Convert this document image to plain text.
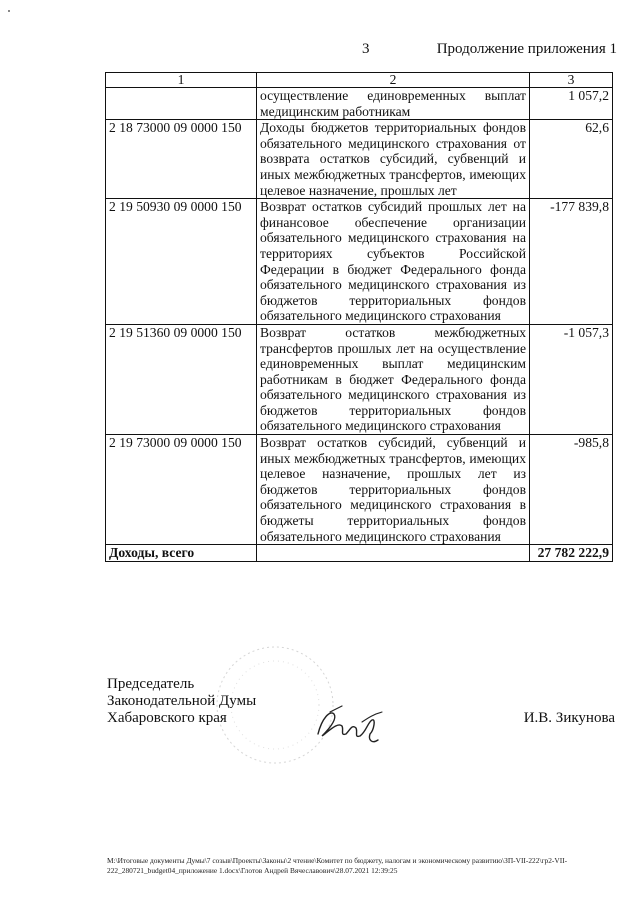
3	Продолжение приложения 1
1	2	3
	осуществление единовременных выплат медицинским работникам	1 057,2
2 18 73000 09 0000 150	Доходы бюджетов территориальных фондов обязательного медицинского страхования от возврата остатков субсидий, субвенций и иных межбюджетных трансфертов, имеющих целевое назначение, прошлых лет	62,6
2 19 50930 09 0000 150	Возврат остатков субсидий прошлых лет на финансовое обеспечение организации обязательного медицинского страхования на территориях субъектов Российской Федерации в бюджет Федерального фонда обязательного медицинского страхования из бюджетов территориальных фондов обязательного медицинского страхования	-177 839,8
2 19 51360 09 0000 150	Возврат остатков межбюджетных трансфертов прошлых лет на осуществление единовременных выплат медицинским работникам в бюджет Федерального фонда обязательного медицинского страхования из бюджетов территориальных фондов обязательного медицинского страхования	-1 057,3
2 19 73000 09 0000 150	Возврат остатков субсидий, субвенций и иных межбюджетных трансфертов, имеющих целевое назначение, прошлых лет из бюджетов территориальных фондов обязательного медицинского страхования в бюджеты территориальных фондов обязательного медицинского страхования	-985,8
Доходы, всего		27 782 222,9
Председатель
Законодательной Думы
Хабаровского края	И.В. Зикунова
М:\Итоговые документы Думы\7 созыв\Проекты\Законы\2 чтение\Комитет по бюджету, налогам и экономическому развитию\ЗП-VII-222\гр2-VII-
222_280721_budget04_приложение 1.docx\Глотов Андрей Вячеславович\28.07.2021 12:39:25
